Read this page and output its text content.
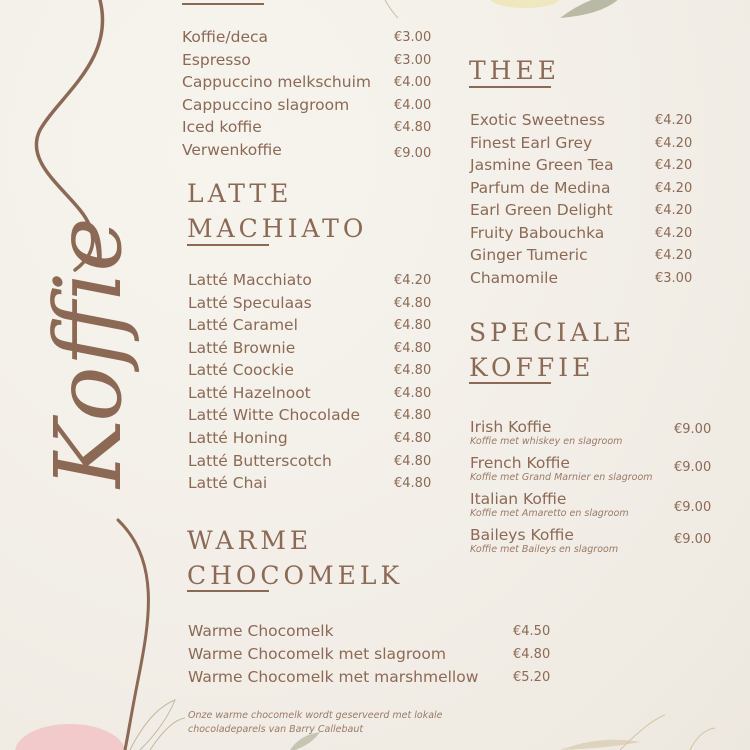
Koffie
Koffie/deca	€3.00
Espresso	€3.00
Cappuccino melkschuim €4.00
Cappuccino slagroom	€4.00
Iced koffie	€4.80
Verwenkoffie	€9.00
LATTE
MACHIATO
Latté Macchiato	€4.20
Latté Speculaas	€4.80
Latté Caramel	€4.80
Latté Brownie	€4.80
Latté Coockie	€4.80
Latté Hazelnoot	€4.80
Latté Witte Chocolade	€4.80
Latté Honing	€4.80
Latté Butterscotch	€4.80
Latté Chai	€4.80
WARME
CHOCOMELK
Warme Chocomelk	€4.50
Warme Chocomelk met slagroom	€4.80
Warme Chocomelk met marshmellow	€5.20
Onze warme chocomelk wordt geserveerd met lokale
chocoladeparels van Barry Callebaut
THEE
Exotic Sweetness	€4.20
Finest Earl Grey	€4.20
Jasmine Green Tea	€4.20
Parfum de Medina	€4.20
Earl Green Delight	€4.20
Fruity Babouchka	€4.20
Ginger Tumeric	€4.20
Chamomile	€3.00
SPECIALE
KOFFIE
Irish Koffie
Koffie met whiskey en slagroom
€9.00
French Koffie
Koffie met Grand Marnier en slagroom
€9.00
Italian Koffie
Koffie met Amaretto en slagroom	€9.00
Baileys Koffie
Koffie met Baileys en slagroom
€9.00
